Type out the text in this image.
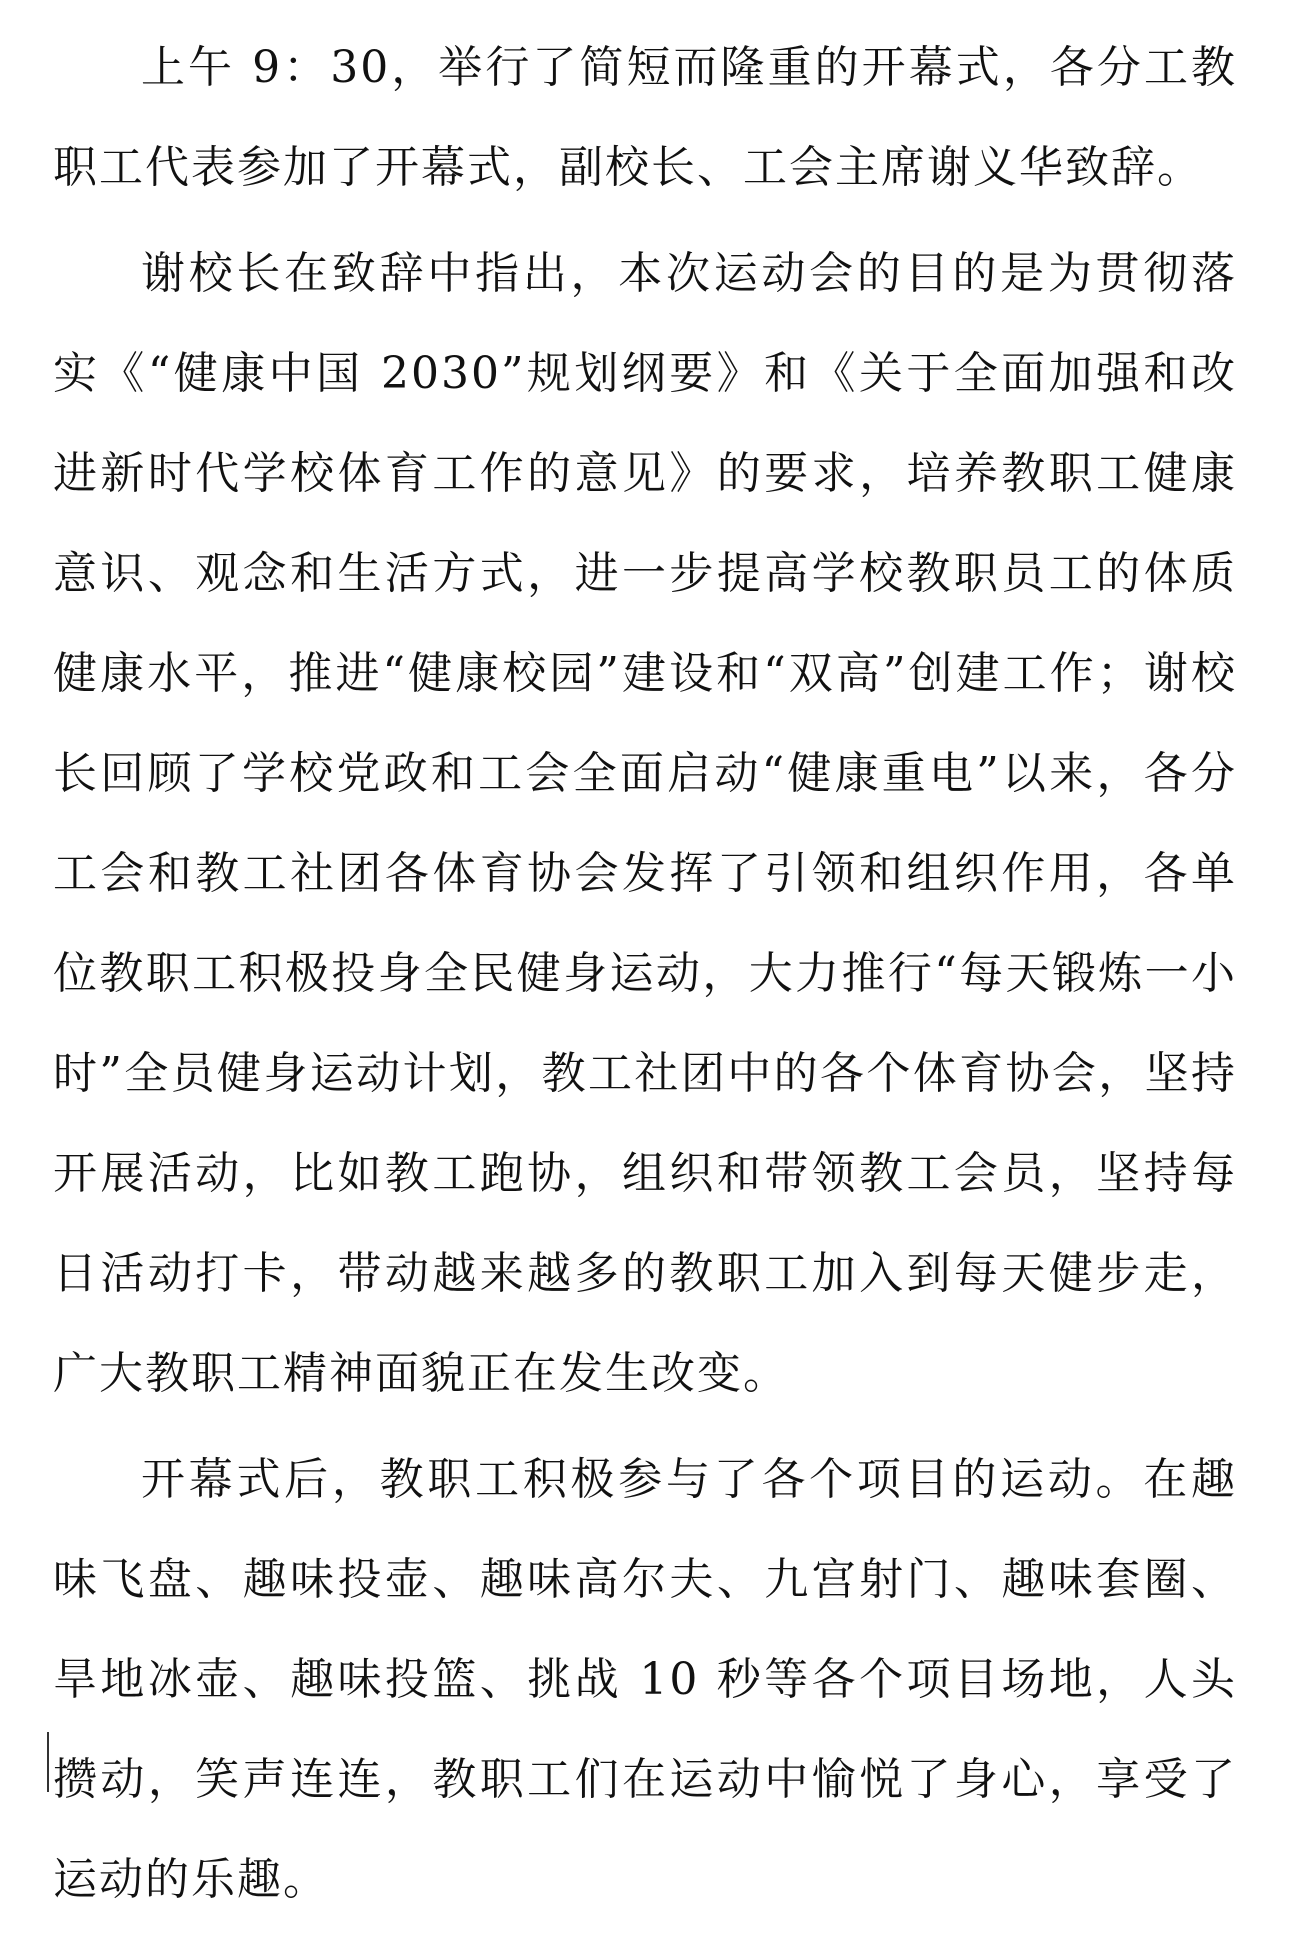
上午 9：30，举行了简短而隆重的开幕式，各分工教职工代表参加了开幕式，副校长、工会主席谢义华致辞。

谢校长在致辞中指出，本次运动会的目的是为贯彻落实《“健康中国 2030”规划纲要》和《关于全面加强和改进新时代学校体育工作的意见》的要求，培养教职工健康意识、观念和生活方式，进一步提高学校教职员工的体质健康水平，推进“健康校园”建设和“双高”创建工作；谢校长回顾了学校党政和工会全面启动“健康重电”以来，各分工会和教工社团各体育协会发挥了引领和组织作用，各单位教职工积极投身全民健身运动，大力推行“每天锻炼一小时”全员健身运动计划，教工社团中的各个体育协会，坚持开展活动，比如教工跑协，组织和带领教工会员，坚持每日活动打卡，带动越来越多的教职工加入到每天健步走，广大教职工精神面貌正在发生改变。

开幕式后，教职工积极参与了各个项目的运动。在趣味飞盘、趣味投壶、趣味高尔夫、九宫射门、趣味套圈、旱地冰壶、趣味投篮、挑战 10 秒等各个项目场地，人头攒动，笑声连连，教职工们在运动中愉悦了身心，享受了运动的乐趣。
